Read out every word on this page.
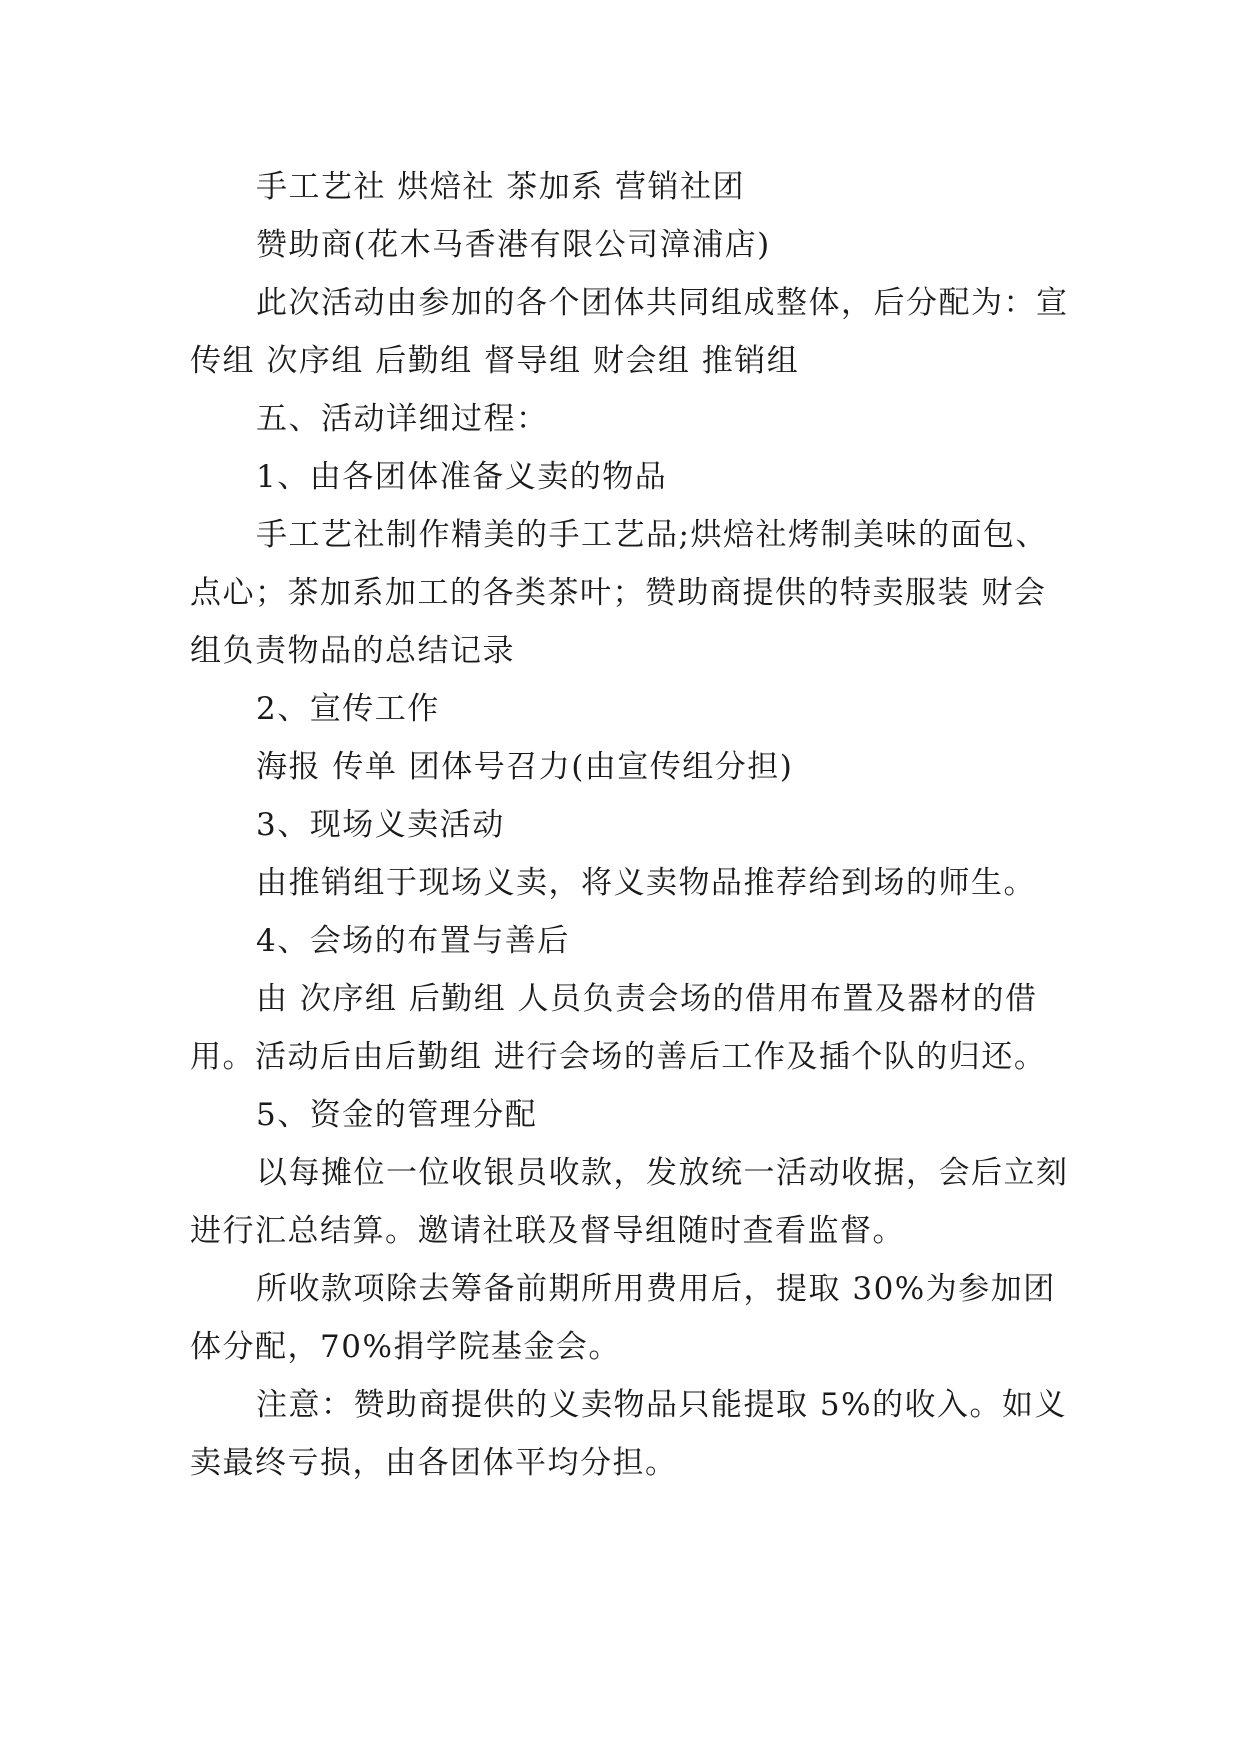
手工艺社 烘焙社 茶加系 营销社团

赞助商(花木马香港有限公司漳浦店)

此次活动由参加的各个团体共同组成整体，后分配为：宣传组 次序组 后勤组 督导组 财会组 推销组

五、活动详细过程：

1、由各团体准备义卖的物品

手工艺社制作精美的手工艺品;烘焙社烤制美味的面包、点心；茶加系加工的各类茶叶；赞助商提供的特卖服装 财会组负责物品的总结记录

2、宣传工作

海报 传单 团体号召力(由宣传组分担)

3、现场义卖活动

由推销组于现场义卖，将义卖物品推荐给到场的师生。

4、会场的布置与善后

由 次序组 后勤组 人员负责会场的借用布置及器材的借用。活动后由后勤组 进行会场的善后工作及插个队的归还。

5、资金的管理分配

以每摊位一位收银员收款，发放统一活动收据，会后立刻进行汇总结算。邀请社联及督导组随时查看监督。

所收款项除去筹备前期所用费用后，提取 30%为参加团体分配，70%捐学院基金会。

注意：赞助商提供的义卖物品只能提取 5%的收入。如义卖最终亏损，由各团体平均分担。
